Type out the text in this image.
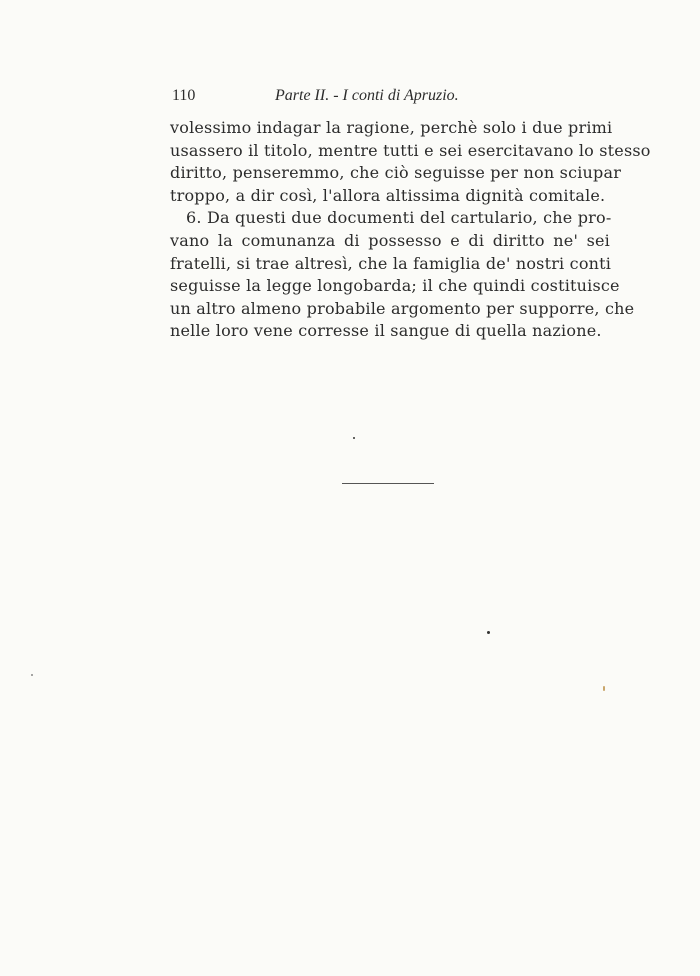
110	Parte II. - I conti di Apruzio.
volessimo indagar la ragione, perchè solo i due primi
usassero il titolo, mentre tutti e sei esercitavano lo stesso
diritto, penseremmo, che ciò seguisse per non sciupar
troppo, a dir così, l'allora altissima dignità comitale.
6. Da questi due documenti del cartulario, che pro-
vano la comunanza di possesso e di diritto ne' sei
fratelli, si trae altresì, che la famiglia de' nostri conti
seguisse la legge longobarda; il che quindi costituisce
un altro almeno probabile argomento per supporre, che
nelle loro vene corresse il sangue di quella nazione.
